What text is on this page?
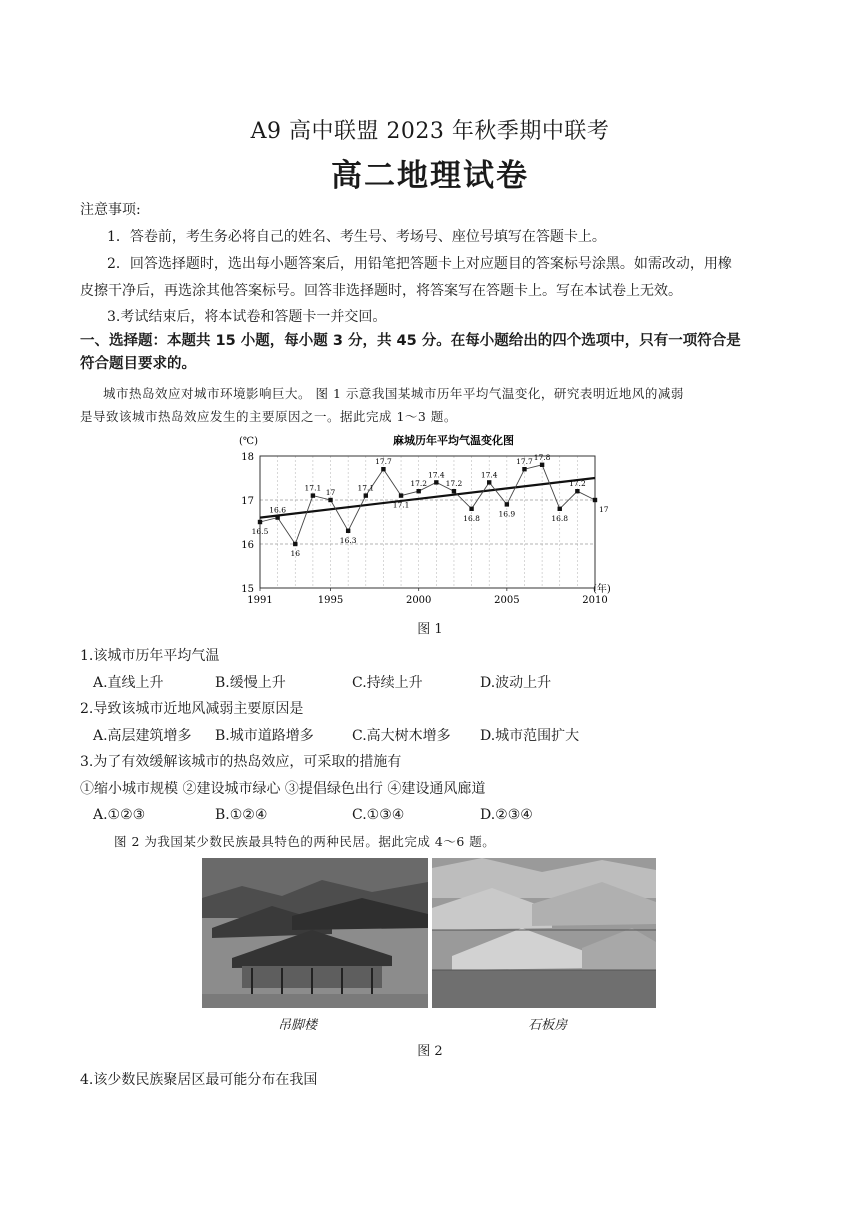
A9 高中联盟 2023 年秋季期中联考
高二地理试卷
注意事项:
1．答卷前，考生务必将自己的姓名、考生号、考场号、座位号填写在答题卡上。
2．回答选择题时，选出每小题答案后，用铅笔把答题卡上对应题目的答案标号涂黑。如需改动，用橡
皮擦干净后，再选涂其他答案标号。回答非选择题时，将答案写在答题卡上。写在本试卷上无效。
3.考试结束后，将本试卷和答题卡一并交回。
一、选择题：本题共 15 小题，每小题 3 分，共 45 分。在每小题给出的四个选项中，只有一项符合是
符合题目要求的。
城市热岛效应对城市环境影响巨大。 图 1 示意我国某城市历年平均气温变化，研究表明近地风的减弱
是导致该城市热岛效应发生的主要原因之一。据此完成 1～3 题。
(℃)	麻城历年平均气温变化图
(年)
15
16
17
18
1991	1995	2000	2005	2010
16.5
16.6
16
17.1 17
16.3
17.1
17.7
17.1
17.2
17.4
17.2
16.8
17.4
16.9
17.7 17.8
16.8
17.2
17
图 1
1.该城市历年平均气温
A.直线上升	B.缓慢上升	C.持续上升	D.波动上升
2.导致该城市近地风减弱主要原因是
A.高层建筑增多 B.城市道路增多	C.高大树木增多 D.城市范围扩大
3.为了有效缓解该城市的热岛效应，可采取的措施有
①缩小城市规模 ②建设城市绿心 ③提倡绿色出行 ④建设通风廊道
A.①②③	B.①②④	C.①③④	D.②③④
图 2 为我国某少数民族最具特色的两种民居。据此完成 4～6 题。
吊脚楼	石板房
图 2
4.该少数民族聚居区最可能分布在我国
